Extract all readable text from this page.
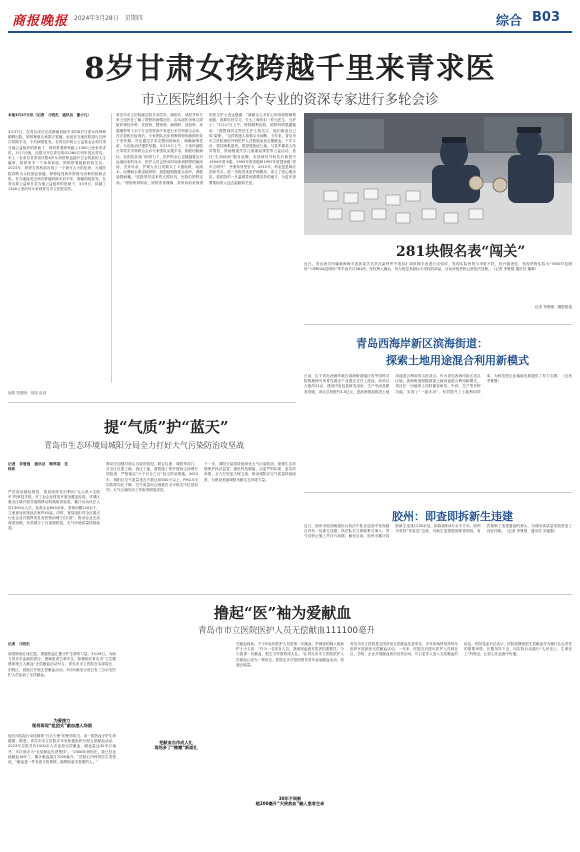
商报晚报 2024年3月28日　星期四	综合 B03
8岁甘肃女孩跨越千里来青求医
市立医院组织十余个专业的资深专家进行多轮会诊
本报3月27日讯（记者　刁明杰　通讯员　谢小凡）
3月27日，在青岛成功完成肿瘤切除手术的8岁甘肃女孩坤坤顺利出院，婷婷理意头秋郡占管痛，此前在当地医院进行过两次切除手术，不后病情复发。在青岛市救公公益基金会和甘肃当地公益组织的资助下，妈妈带着婷婷踏上1300公里来青求医。3月7日晚，从银川开往青岛的G2260次列车抵达青岛，车上一名来自甘肃省庆阳8岁女孩婷婷也踏开日会的新的人生篇章，婷婷来手一个单单家庭，妈妈带着她和奶奶生活。2023年，婷婷右的枕部出现了一个黄豆大小的包块，当地医院诊断为头枕部血管瘤，婷婷接受两年阶段为同种的疾病去世。在当地接受完两次肿瘤切除术后半年，肿瘤再接复发。在青岛救公益和甘肃当地公益组织的资助下，3月9日，辞越了1300公里的母女来到青岛市立医院求医。
青岛市市立医院副总院长刘学东，副院长、神经外科专家王伟民在了解了婷婷的病情况后，由本部医务科立即组织神经外科、皮肤科、整形科、病理科、放射科、耳鼻喉科等十余个专业的资深专家进行多学科联合会诊。在完善相关检查后，专家团队初步判断婷婷的病情仍处于发作期，决定通过手术完整切除病灶，明确病情性质，为后续治疗提供依据。3月15日上午，王伟民副院长带领多学科联合会诊专家团队实施手术，彻底切除病灶。在医院各部门的努力下，医护的全心也随越着这对远道而来的母女，医护人员会挤出时间来到婷婷的病床前，关怀母亲，护理人员日发购买了卡通贴纸、绘画本，玩偶和水果送给婷婷，鼓励她积极配合治疗，勇敢战胜病魔。“医院领导送来的大熊玩具，比我们婷婷还高。”婷婷的妈妈说，婷婷非常懂事，常常向前来探望的医生护士表达感谢：“谢谢这么多好心的叔叔阿姨帮助我，我要好好学习，长大了像你们一样当医生，当护士！”3月27日上午，婷婷顺利出院，婷婷妈妈感激地说：“我想到同这些医生护士的名字，他们都说自己叫‘雷锋’。”这样的感人故事从未间断，今年来，青岛市市立医院神经外科医护人员鼓励参加无锻献血，下乡义诊，帮扶困难患者，看望孤独症儿童，与其军属老人结对帮扶，资助困境失学儿童重返课堂等公益活动，依托“生命绿洲”服务品牌，本部神经外科先后被授予1994年度市级、1995年度省级和1997年度国家级“青年文明号”，并保持荣誉至今，2012年，科室更是响应国家号召，进一步推进优质护理服务，成立了爱心服务队，将医院的一片温暖带到需要扶持的地方，为更多需要帮助的人送去温暖和关爱。
编辑 管慧晓　组版 崔真
281块假名表“闯关”
近日，青岛海关所属威海海关查获某关关员在某快件中查扣汇单机械手表进行走验时，发现实际货物与申报不符，经开箱查验，发现货物实际为“TISSOT及图形”“OMEGA及图形”等手表共计281块，经权利人确认，均为侵犯其商标专用权的商品，目前该批货物已被依法处理。（记者 李鲁强 通讯员 董萌）
记者 李鲁强　摄影报道
青岛西海岸新区滨海街道：
探索土地用途混合利用新模式
日前，位于青岛西海岸新区滨海街道辖区的中国科学院物理研究所青岛源光产业园正式开工建设。该项目占地约21亩，建设内容包括研发用房、生产车间及配套设施，项目总投资约3.5亿元，是滨海街道推进土地用途混合利用的示范项目。作为青岛西海岸新区试点区域，滨海街道积极探索土地用途混合利用新模式，项目在一宗地块上同时兼容研发、中试、生产等多种功能，实现了“一地多用”，有效提升了土地利用效率，为科技型企业落地发展提供了有力支撑。（记者 李鲁强）
胶州：即查即拆新生违建
近日，胶州市胶西街道综合执法中队在巡查中发现辖区内有一处新生违建，执法队员立即联系当事人，责令其停止施工并自行拆除。截至目前，胶州市累计拆除新生违建1230余处，拆除面积4万余平方米。胶州市坚持“零容忍”态度，对新生违建做到即查即拆，有效遏制了违建蔓延的势头，为城市高质量发展营造了良好环境。（记者 李鲁强　通讯员 刘福强）
提“气质”护“蓝天”
青岛市生态环境局城阳分局全力打好大气污染防治攻坚战
记者　李鲁强　通讯员　路梓超　任梓欣
严厉查处超标排放，督局组织先后利用“无人机+走航车”的科技手段，对工业企业排放开展全覆盖检查，对城区重点区域开展非道路移动机械排放检查，累计出动执法人员1300余人次，检查企业600余家，发现问题120余个，立案查处环境违法案件45起。同时，督局组织对全区重点行业企业开展挥发性有机物治理“回头看”，推动企业完成深度治理，有效减少了污染物排放，大气环境质量持续改善。
督局还加强对扬尘污染的管控，联合住建、城管等部门，对全区在建工地、拆迁工地、道路施工等开展扬尘治理专项检查，严格落实“六个百分之百”扬尘防治措施。2023年，城阳区空气质量优良天数达到300天以上，PM2.5平均浓度同比下降，空气质量综合指数在全市排名中位居前列，大气污染防治工作取得明显成效。
下一步，城阳分局将持续深化大气污染防治，加强生态环境保护执法监管，强化科技赋能，以更严的标准、更实的举措，全力打好蓝天保卫战，推动城阳区空气质量持续改善，为建设美丽城阳贡献生态环境力量。
撸起“医”袖为爱献血
青岛市市立医院医护人员无偿献血111100毫升
记者　刁明杰
南国细雨红成红霞，康健热血汇聚守护生命的力量。3月28日，为助力青岛市血液的供应，保障患者生命安全，积极响应青岛市“卫生健康系统万人献血”无偿献血活动号召，青岛市市立医院在本部院区、东院区、西院区开展无偿献血活动，3月份截至目前已有三百余名医护人员参加了无偿献血。
为爱接力
现场再现“组团式”献血感人场面
他们用实际行动诠释着“白衣天使”的使命担当，用一腔热血守护生命健康。据悉，青岛市市立医院多年来积极组织开展无偿献血活动，2023年全院共有1000余人次参加无偿献血，献血量达30多万毫升，多次被评为“无偿献血先进集体”。“2008年到现在，我已经连续献血16年了，累计献血超过7000毫升。”医院心内科的医生笑着说，“献血是一件有意义的事情，能帮助更多需要的人。”
把献血当作成人礼
现场多了“稚嫩”新面孔
在献血现场，不少年轻的医护人员是第一次献血，护理部的刚入职新护士小王说：“作为一名医务人员，我深知血液对患者的重要性，今天我第一次献血，把它当作我的成人礼。”让青岛市市立医院医护人员献血已成为一种常态，医院还多次组织团员青年参加献血活动，传递正能量。
30年不间断
超200毫升“天使热血”融入患者生命
青岛市市立医院是全国首批无偿献血先进单位，多年来始终坚持每年组织开展团体无偿献血活动。一年来，医院先后派出医护人员到社区、学校、企业开展献血知识宣传活动，号召更多人加入无偿献血的队伍。医院党委书记表示，医院将继续把无偿献血作为履行社会责任的重要举措，长期坚持下去，用实际行动践行“人民至上、生命至上”的理念，让爱心在血液中传递。
